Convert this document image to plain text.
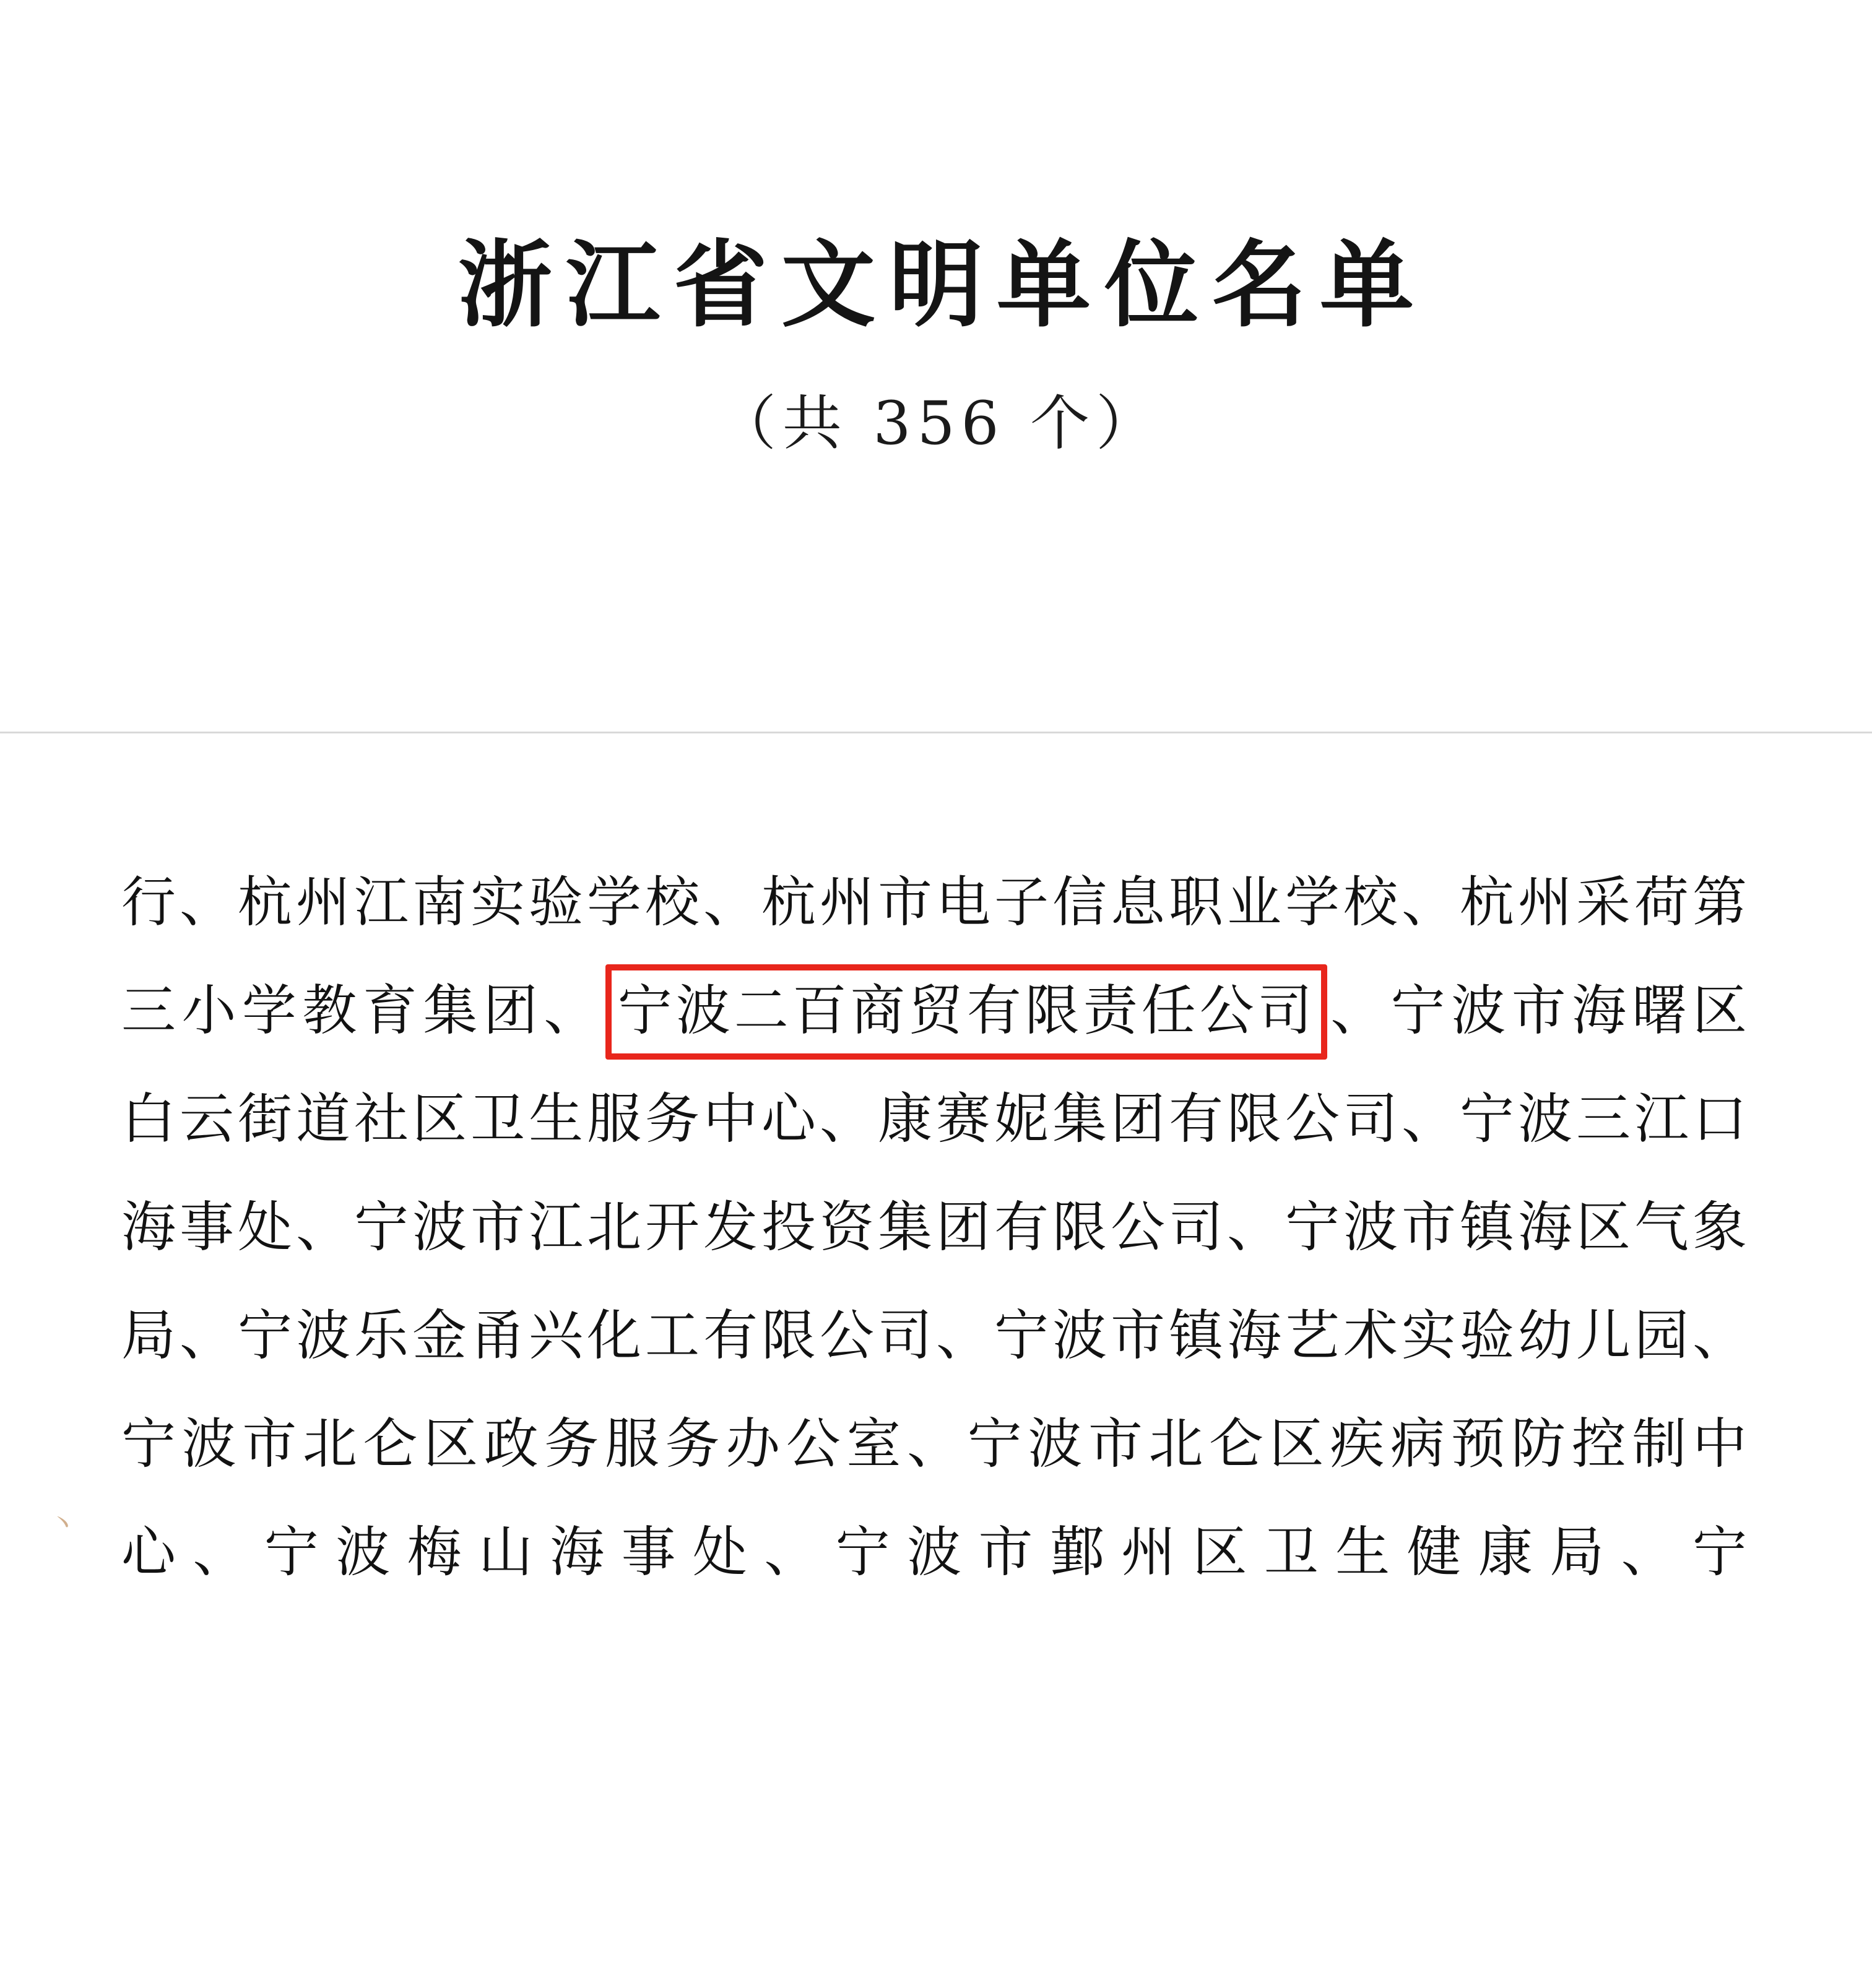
浙江省文明单位名单
（共 356 个）

行、杭州江南实验学校、杭州市电子信息职业学校、杭州采荷第三小学教育集团、 宁波二百商贸有限责任公司 、宁波市海曙区白云街道社区卫生服务中心、康赛妮集团有限公司、宁波三江口海事处、宁波市江北开发投资集团有限公司、宁波市镇海区气象局、宁波乐金甬兴化工有限公司、宁波市镇海艺术实验幼儿园、宁波市北仑区政务服务办公室、宁波市北仑区疾病预防控制中心、宁波梅山海事处、宁波市鄞州区卫生健康局、宁

丶
